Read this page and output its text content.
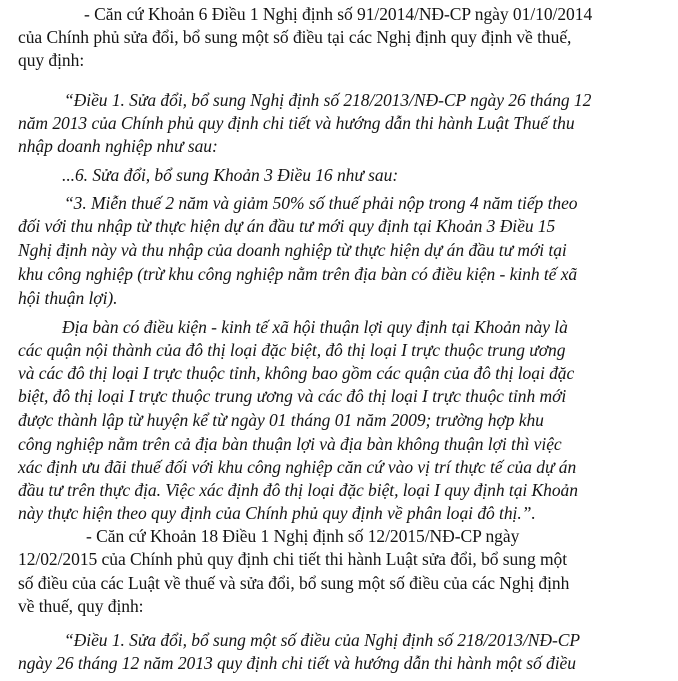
- Căn cứ Khoản 6 Điều 1 Nghị định số 91/2014/NĐ-CP ngày 01/10/2014
của Chính phủ sửa đổi, bổ sung một số điều tại các Nghị định quy định về thuế,
quy định:
“Điều 1. Sửa đổi, bổ sung Nghị định số 218/2013/NĐ-CP ngày 26 tháng 12
năm 2013 của Chính phủ quy định chi tiết và hướng dẫn thi hành Luật Thuế thu
nhập doanh nghiệp như sau:
...6. Sửa đổi, bổ sung Khoản 3 Điều 16 như sau:
“3. Miễn thuế 2 năm và giảm 50% số thuế phải nộp trong 4 năm tiếp theo
đối với thu nhập từ thực hiện dự án đầu tư mới quy định tại Khoản 3 Điều 15
Nghị định này và thu nhập của doanh nghiệp từ thực hiện dự án đầu tư mới tại
khu công nghiệp (trừ khu công nghiệp nằm trên địa bàn có điều kiện - kinh tế xã
hội thuận lợi).
Địa bàn có điều kiện - kinh tế xã hội thuận lợi quy định tại Khoản này là
các quận nội thành của đô thị loại đặc biệt, đô thị loại I trực thuộc trung ương
và các đô thị loại I trực thuộc tỉnh, không bao gồm các quận của đô thị loại đặc
biệt, đô thị loại I trực thuộc trung ương và các đô thị loại I trực thuộc tỉnh mới
được thành lập từ huyện kể từ ngày 01 tháng 01 năm 2009; trường hợp khu
công nghiệp nằm trên cả địa bàn thuận lợi và địa bàn không thuận lợi thì việc
xác định ưu đãi thuế đối với khu công nghiệp căn cứ vào vị trí thực tế của dự án
đầu tư trên thực địa. Việc xác định đô thị loại đặc biệt, loại I quy định tại Khoản
này thực hiện theo quy định của Chính phủ quy định về phân loại đô thị.”.
- Căn cứ Khoản 18 Điều 1 Nghị định số 12/2015/NĐ-CP ngày
12/02/2015 của Chính phủ quy định chi tiết thi hành Luật sửa đổi, bổ sung một
số điều của các Luật về thuế và sửa đổi, bổ sung một số điều của các Nghị định
về thuế, quy định:
“Điều 1. Sửa đổi, bổ sung một số điều của Nghị định số 218/2013/NĐ-CP
ngày 26 tháng 12 năm 2013 quy định chi tiết và hướng dẫn thi hành một số điều
